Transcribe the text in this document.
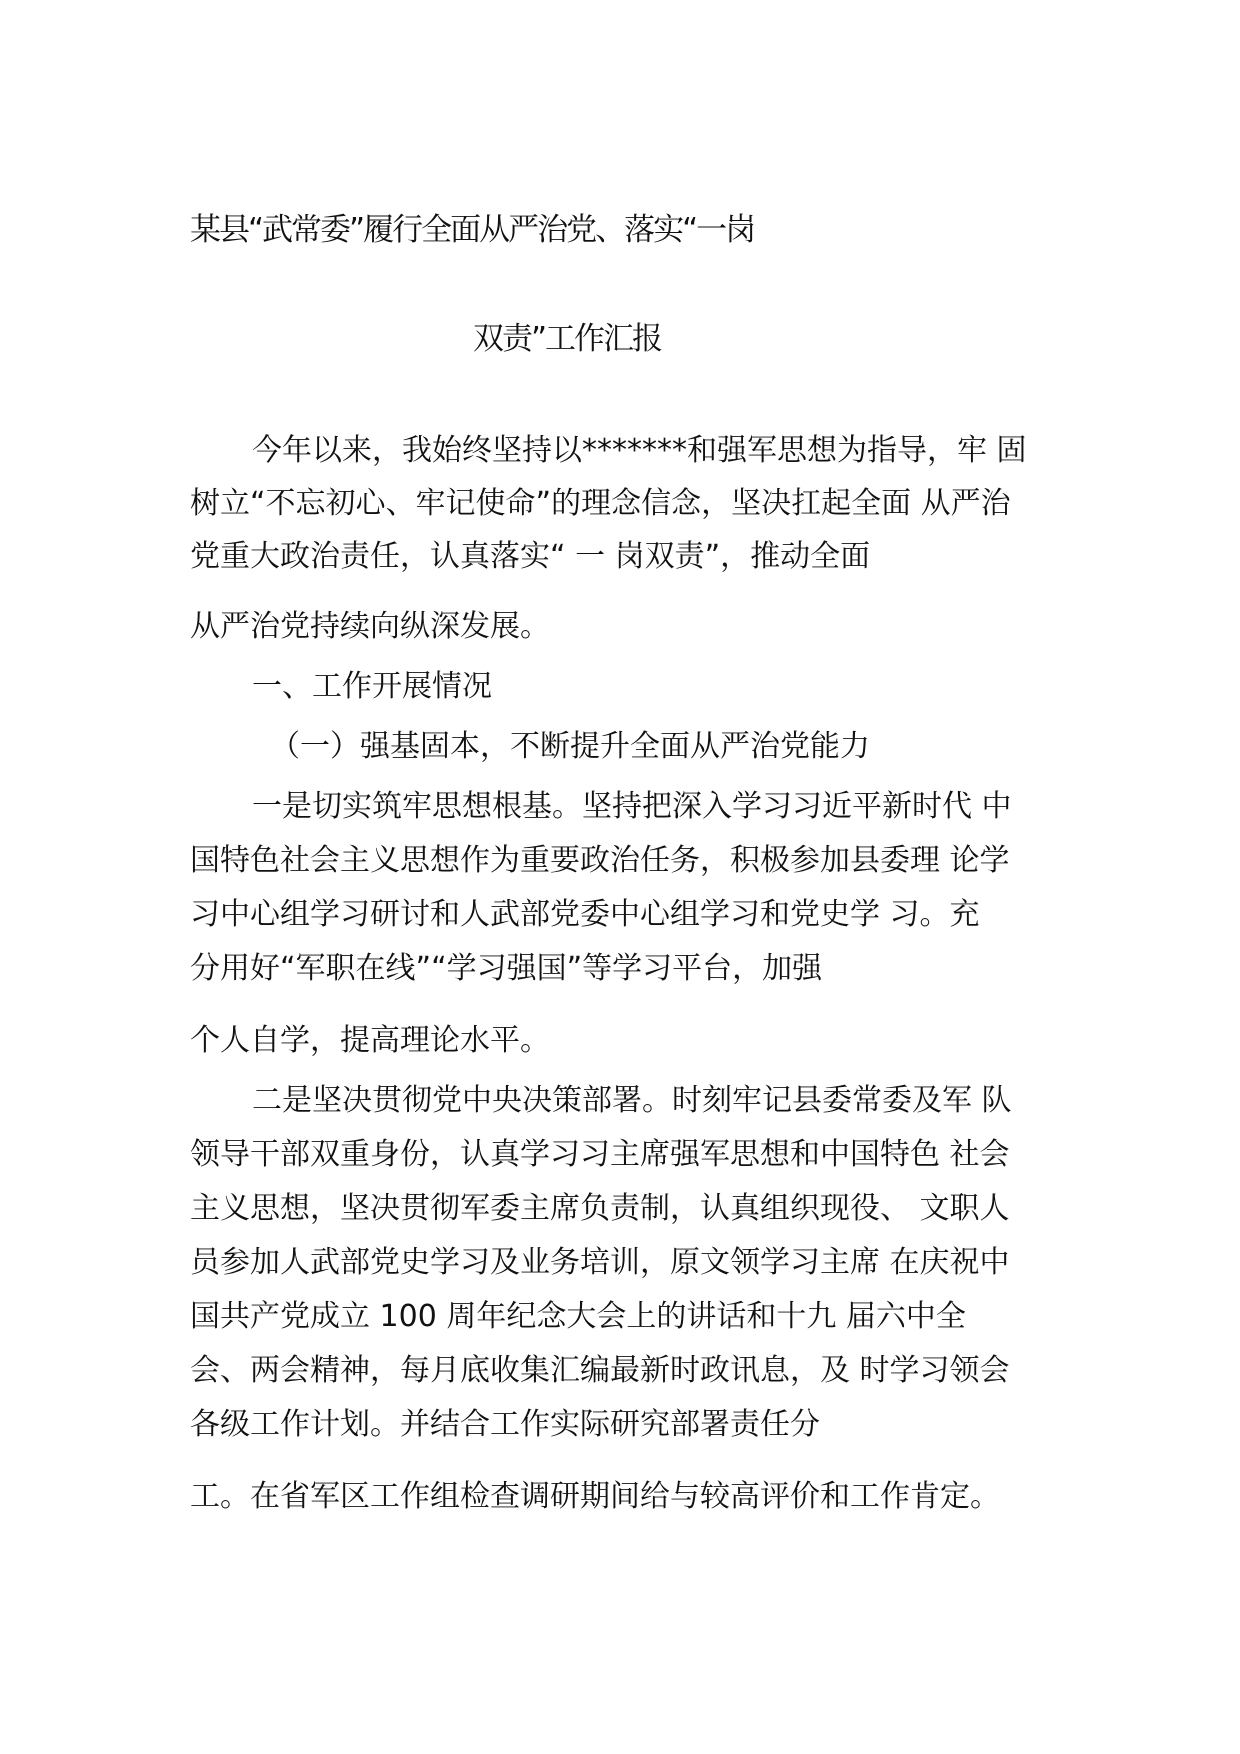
某县“武常委”履行全面从严治党、落实“一岗
双责”工作汇报
今年以来，我始终坚持以*******和强军思想为指导，牢 固
树立“不忘初心、牢记使命”的理念信念，坚决扛起全面 从严治
党重大政治责任，认真落实“ 一 岗双责”，推动全面
从严治党持续向纵深发展。
一、工作开展情况
（一）强基固本，不断提升全面从严治党能力
一是切实筑牢思想根基。坚持把深入学习习近平新时代 中
国特色社会主义思想作为重要政治任务，积极参加县委理 论学
习中心组学习研讨和人武部党委中心组学习和党史学 习。充
分用好“军职在线”“学习强国”等学习平台，加强
个人自学，提高理论水平。
二是坚决贯彻党中央决策部署。时刻牢记县委常委及军 队
领导干部双重身份，认真学习习主席强军思想和中国特色 社会
主义思想，坚决贯彻军委主席负责制，认真组织现役、 文职人
员参加人武部党史学习及业务培训，原文领学习主席 在庆祝中
国共产党成立 100 周年纪念大会上的讲话和十九 届六中全
会、两会精神，每月底收集汇编最新时政讯息，及 时学习领会
各级工作计划。并结合工作实际研究部署责任分
工。在省军区工作组检查调研期间给与较高评价和工作肯定。
